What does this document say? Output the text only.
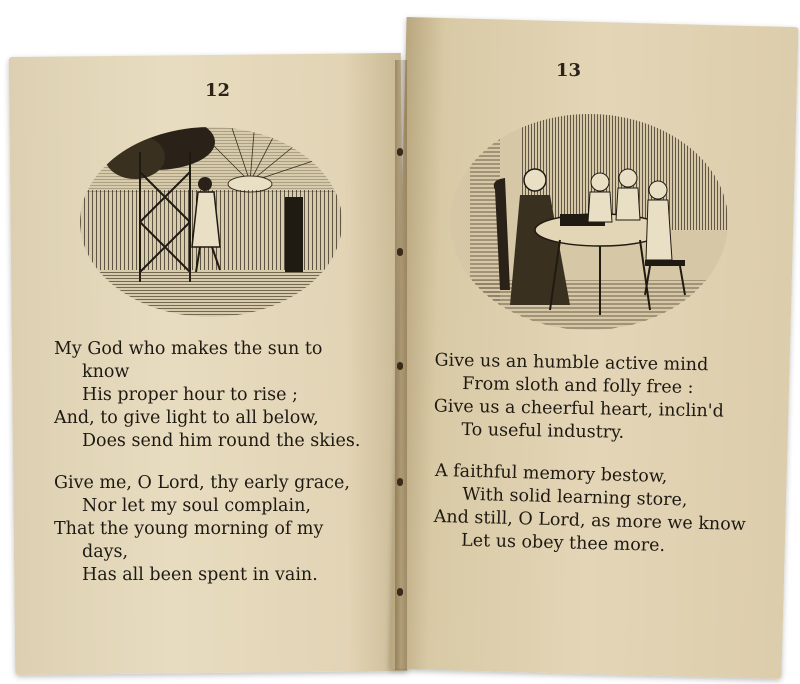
12
13
My God who makes the sun to
know
His proper hour to rise ;
And, to give light to all below,
Does send him round the skies.
Give me, O Lord, thy early grace,
Nor let my soul complain,
That the young morning of my
days,
Has all been spent in vain.
Give us an humble active mind
From sloth and folly free :
Give us a cheerful heart, inclin'd
To useful industry.
A faithful memory bestow,
With solid learning store,
And still, O Lord, as more we know
Let us obey thee more.
